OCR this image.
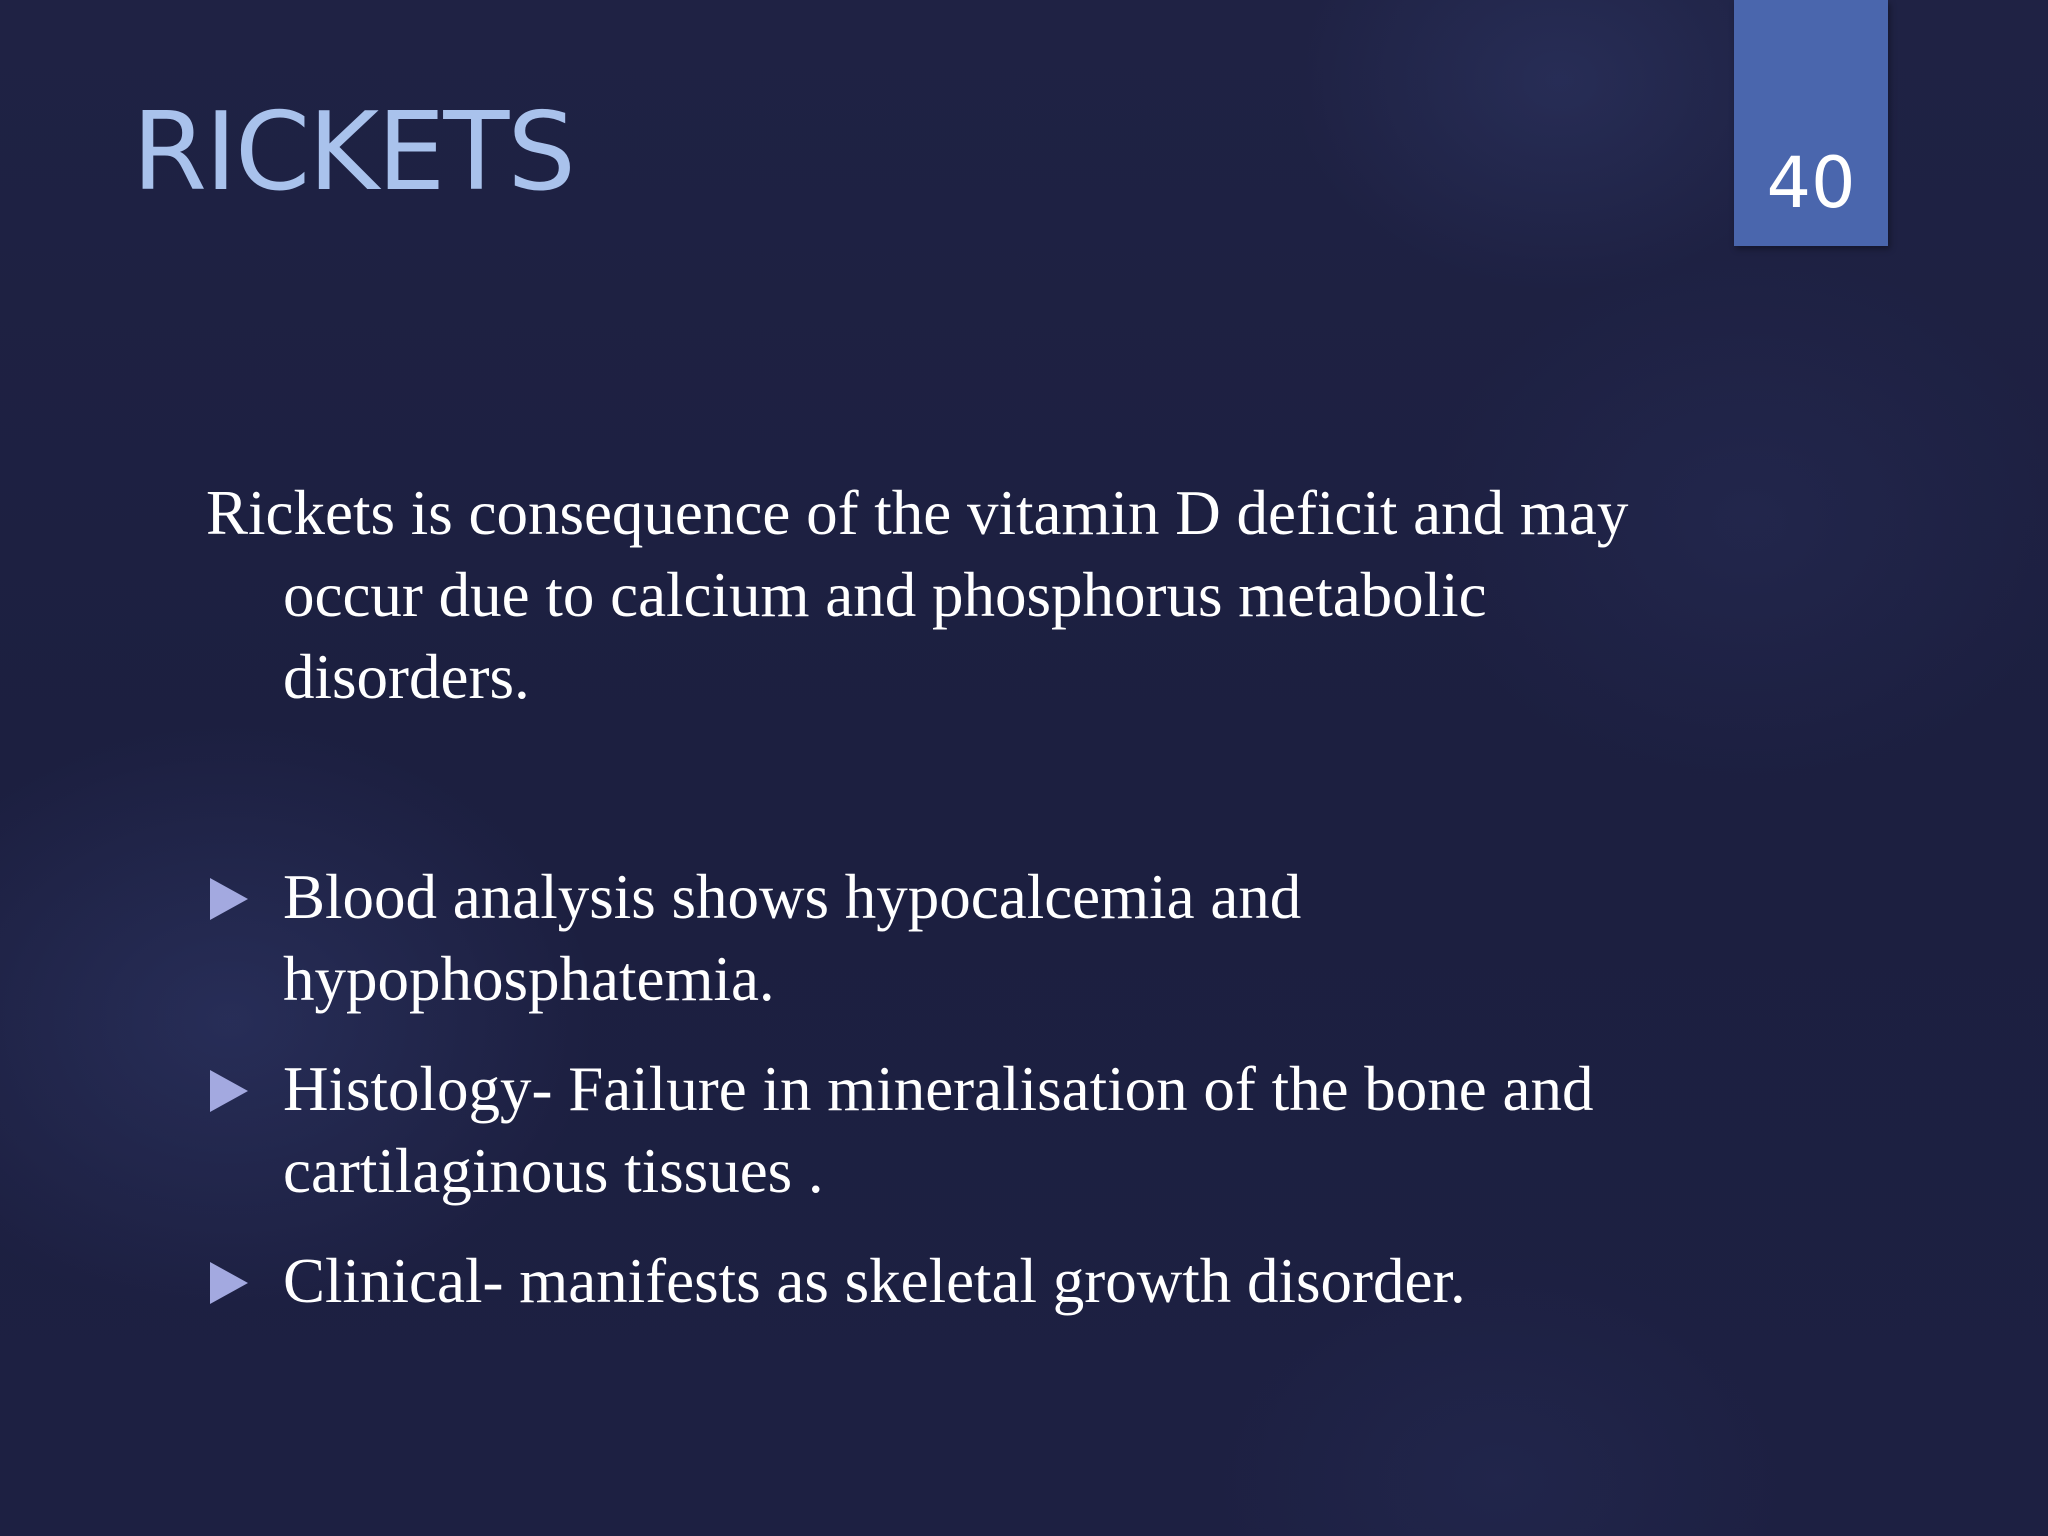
RICKETS	40

Rickets is consequence of the vitamin D deficit and may occur due to calcium and phosphorus metabolic disorders.

Blood analysis shows hypocalcemia and hypophosphatemia.
Histology- Failure in mineralisation of the bone and cartilaginous tissues .
Clinical- manifests as skeletal growth disorder.
